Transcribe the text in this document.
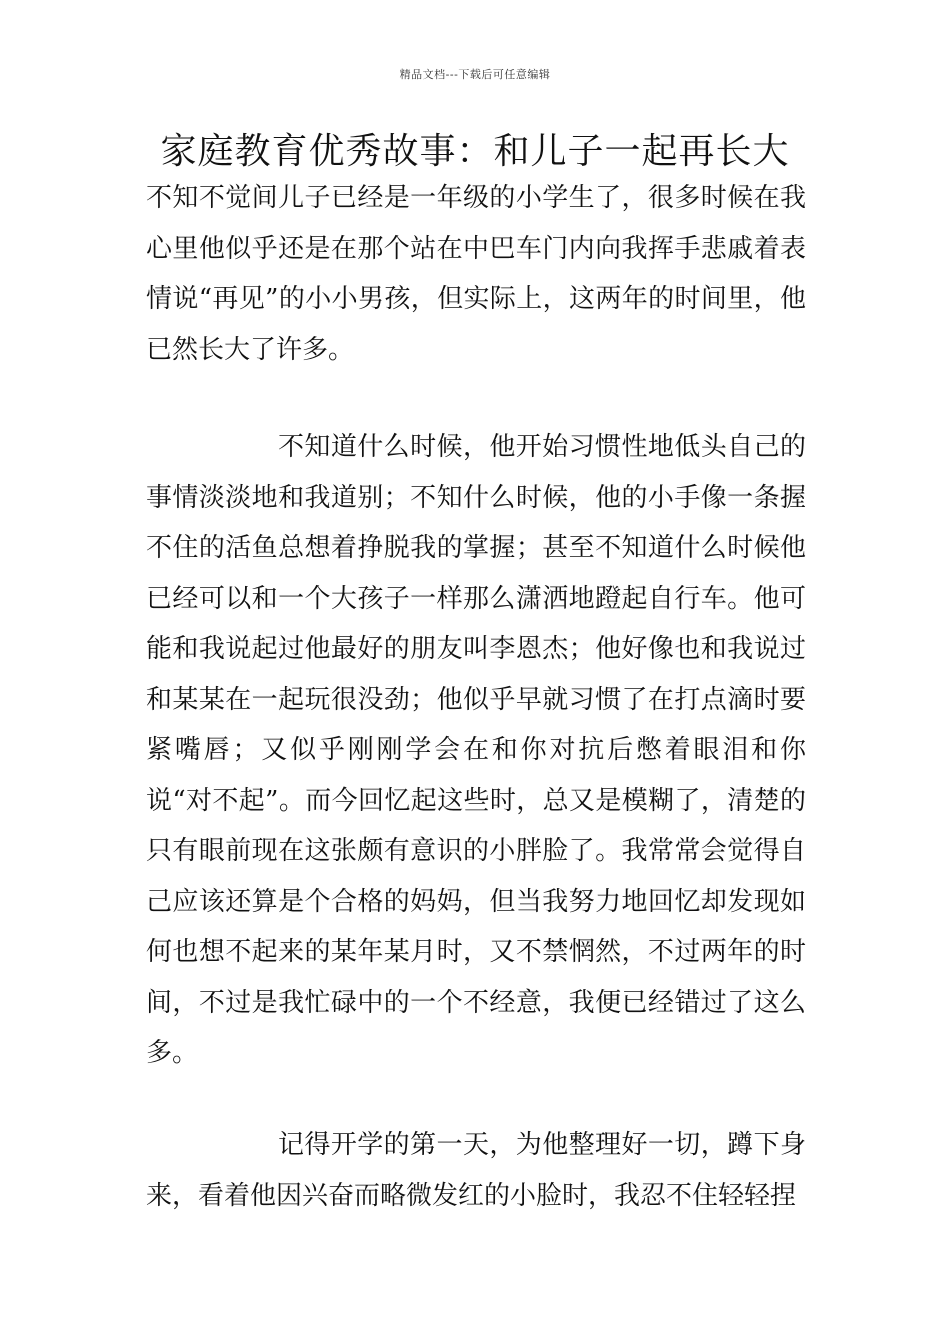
精品文档---下载后可任意编辑
家庭教育优秀故事：和儿子一起再长大

不知不觉间儿子已经是一年级的小学生了，很多时候在我心里他似乎还是在那个站在中巴车门内向我挥手悲戚着表情说“再见”的小小男孩，但实际上，这两年的时间里，他已然长大了许多。

不知道什么时候，他开始习惯性地低头自己的事情淡淡地和我道别；不知什么时候，他的小手像一条握不住的活鱼总想着挣脱我的掌握；甚至不知道什么时候他已经可以和一个大孩子一样那么潇洒地蹬起自行车。他可能和我说起过他最好的朋友叫李恩杰；他好像也和我说过和某某在一起玩很没劲；他似乎早就习惯了在打点滴时要紧嘴唇；又似乎刚刚学会在和你对抗后憋着眼泪和你说“对不起”。而今回忆起这些时，总又是模糊了，清楚的只有眼前现在这张颇有意识的小胖脸了。我常常会觉得自己应该还算是个合格的妈妈，但当我努力地回忆却发现如何也想不起来的某年某月时，又不禁惘然，不过两年的时间，不过是我忙碌中的一个不经意，我便已经错过了这么多。

记得开学的第一天，为他整理好一切，蹲下身来，看着他因兴奋而略微发红的小脸时，我忍不住轻轻捏
